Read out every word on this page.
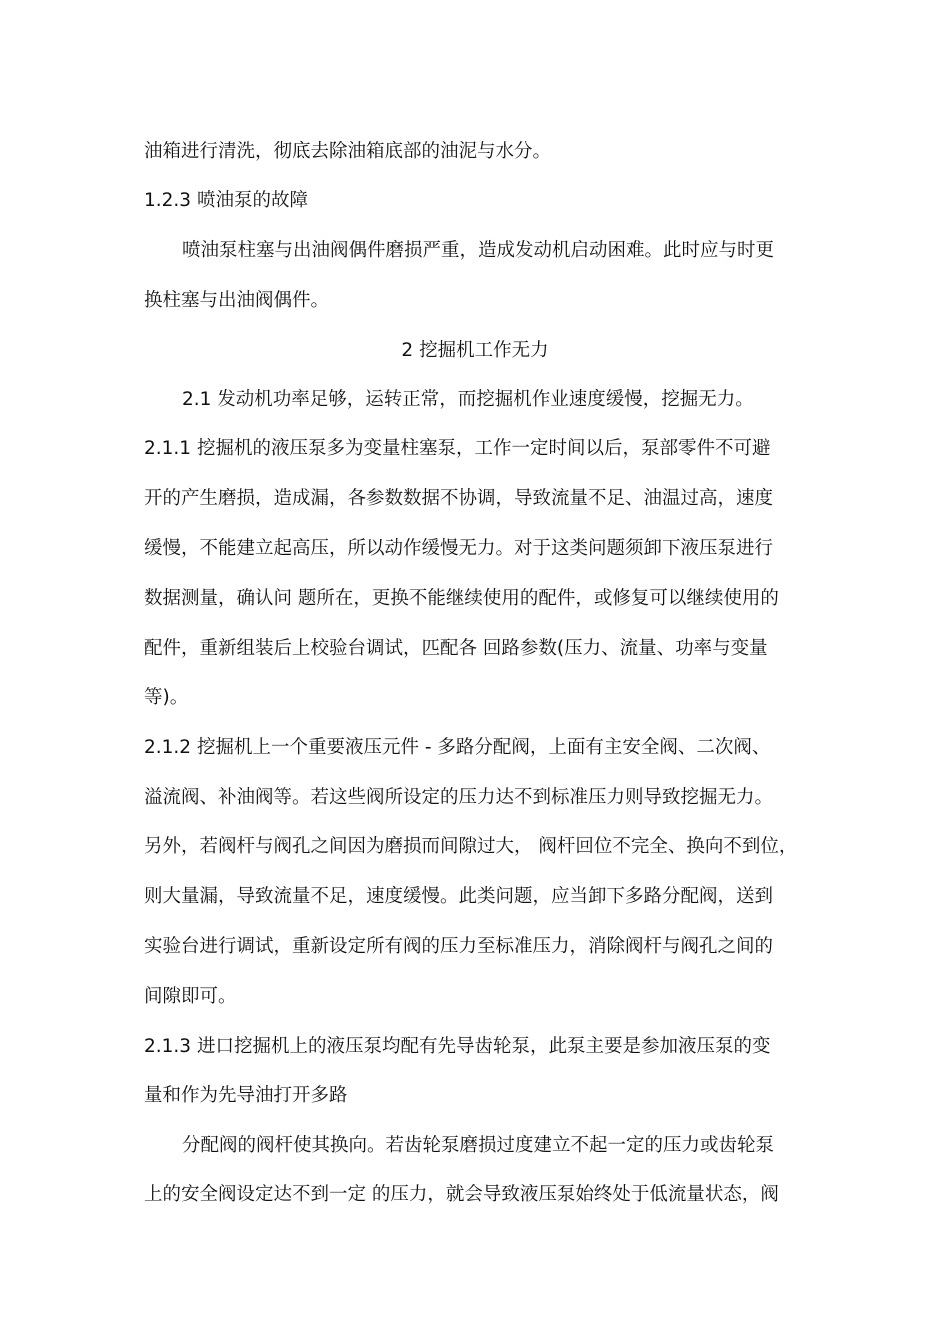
油箱进行清洗，彻底去除油箱底部的油泥与水分。
1.2.3 喷油泵的故障
喷油泵柱塞与出油阀偶件磨损严重，造成发动机启动困难。此时应与时更
换柱塞与出油阀偶件。
2 挖掘机工作无力
2.1 发动机功率足够，运转正常，而挖掘机作业速度缓慢，挖掘无力。
2.1.1 挖掘机的液压泵多为变量柱塞泵，工作一定时间以后，泵部零件不可避
开的产生磨损，造成漏，各参数数据不协调，导致流量不足、油温过高，速度
缓慢，不能建立起高压，所以动作缓慢无力。对于这类问题须卸下液压泵进行
数据测量，确认问 题所在，更换不能继续使用的配件，或修复可以继续使用的
配件，重新组装后上校验台调试，匹配各 回路参数(压力、流量、功率与变量
等)。
2.1.2 挖掘机上一个重要液压元件 - 多路分配阀，上面有主安全阀、二次阀、
溢流阀、补油阀等。若这些阀所设定的压力达不到标准压力则导致挖掘无力。
另外，若阀杆与阀孔之间因为磨损而间隙过大， 阀杆回位不完全、换向不到位，
则大量漏，导致流量不足，速度缓慢。此类问题，应当卸下多路分配阀，送到
实验台进行调试，重新设定所有阀的压力至标准压力，消除阀杆与阀孔之间的
间隙即可。
2.1.3 进口挖掘机上的液压泵均配有先导齿轮泵，此泵主要是参加液压泵的变
量和作为先导油打开多路
分配阀的阀杆使其换向。若齿轮泵磨损过度建立不起一定的压力或齿轮泵
上的安全阀设定达不到一定 的压力，就会导致液压泵始终处于低流量状态，阀
